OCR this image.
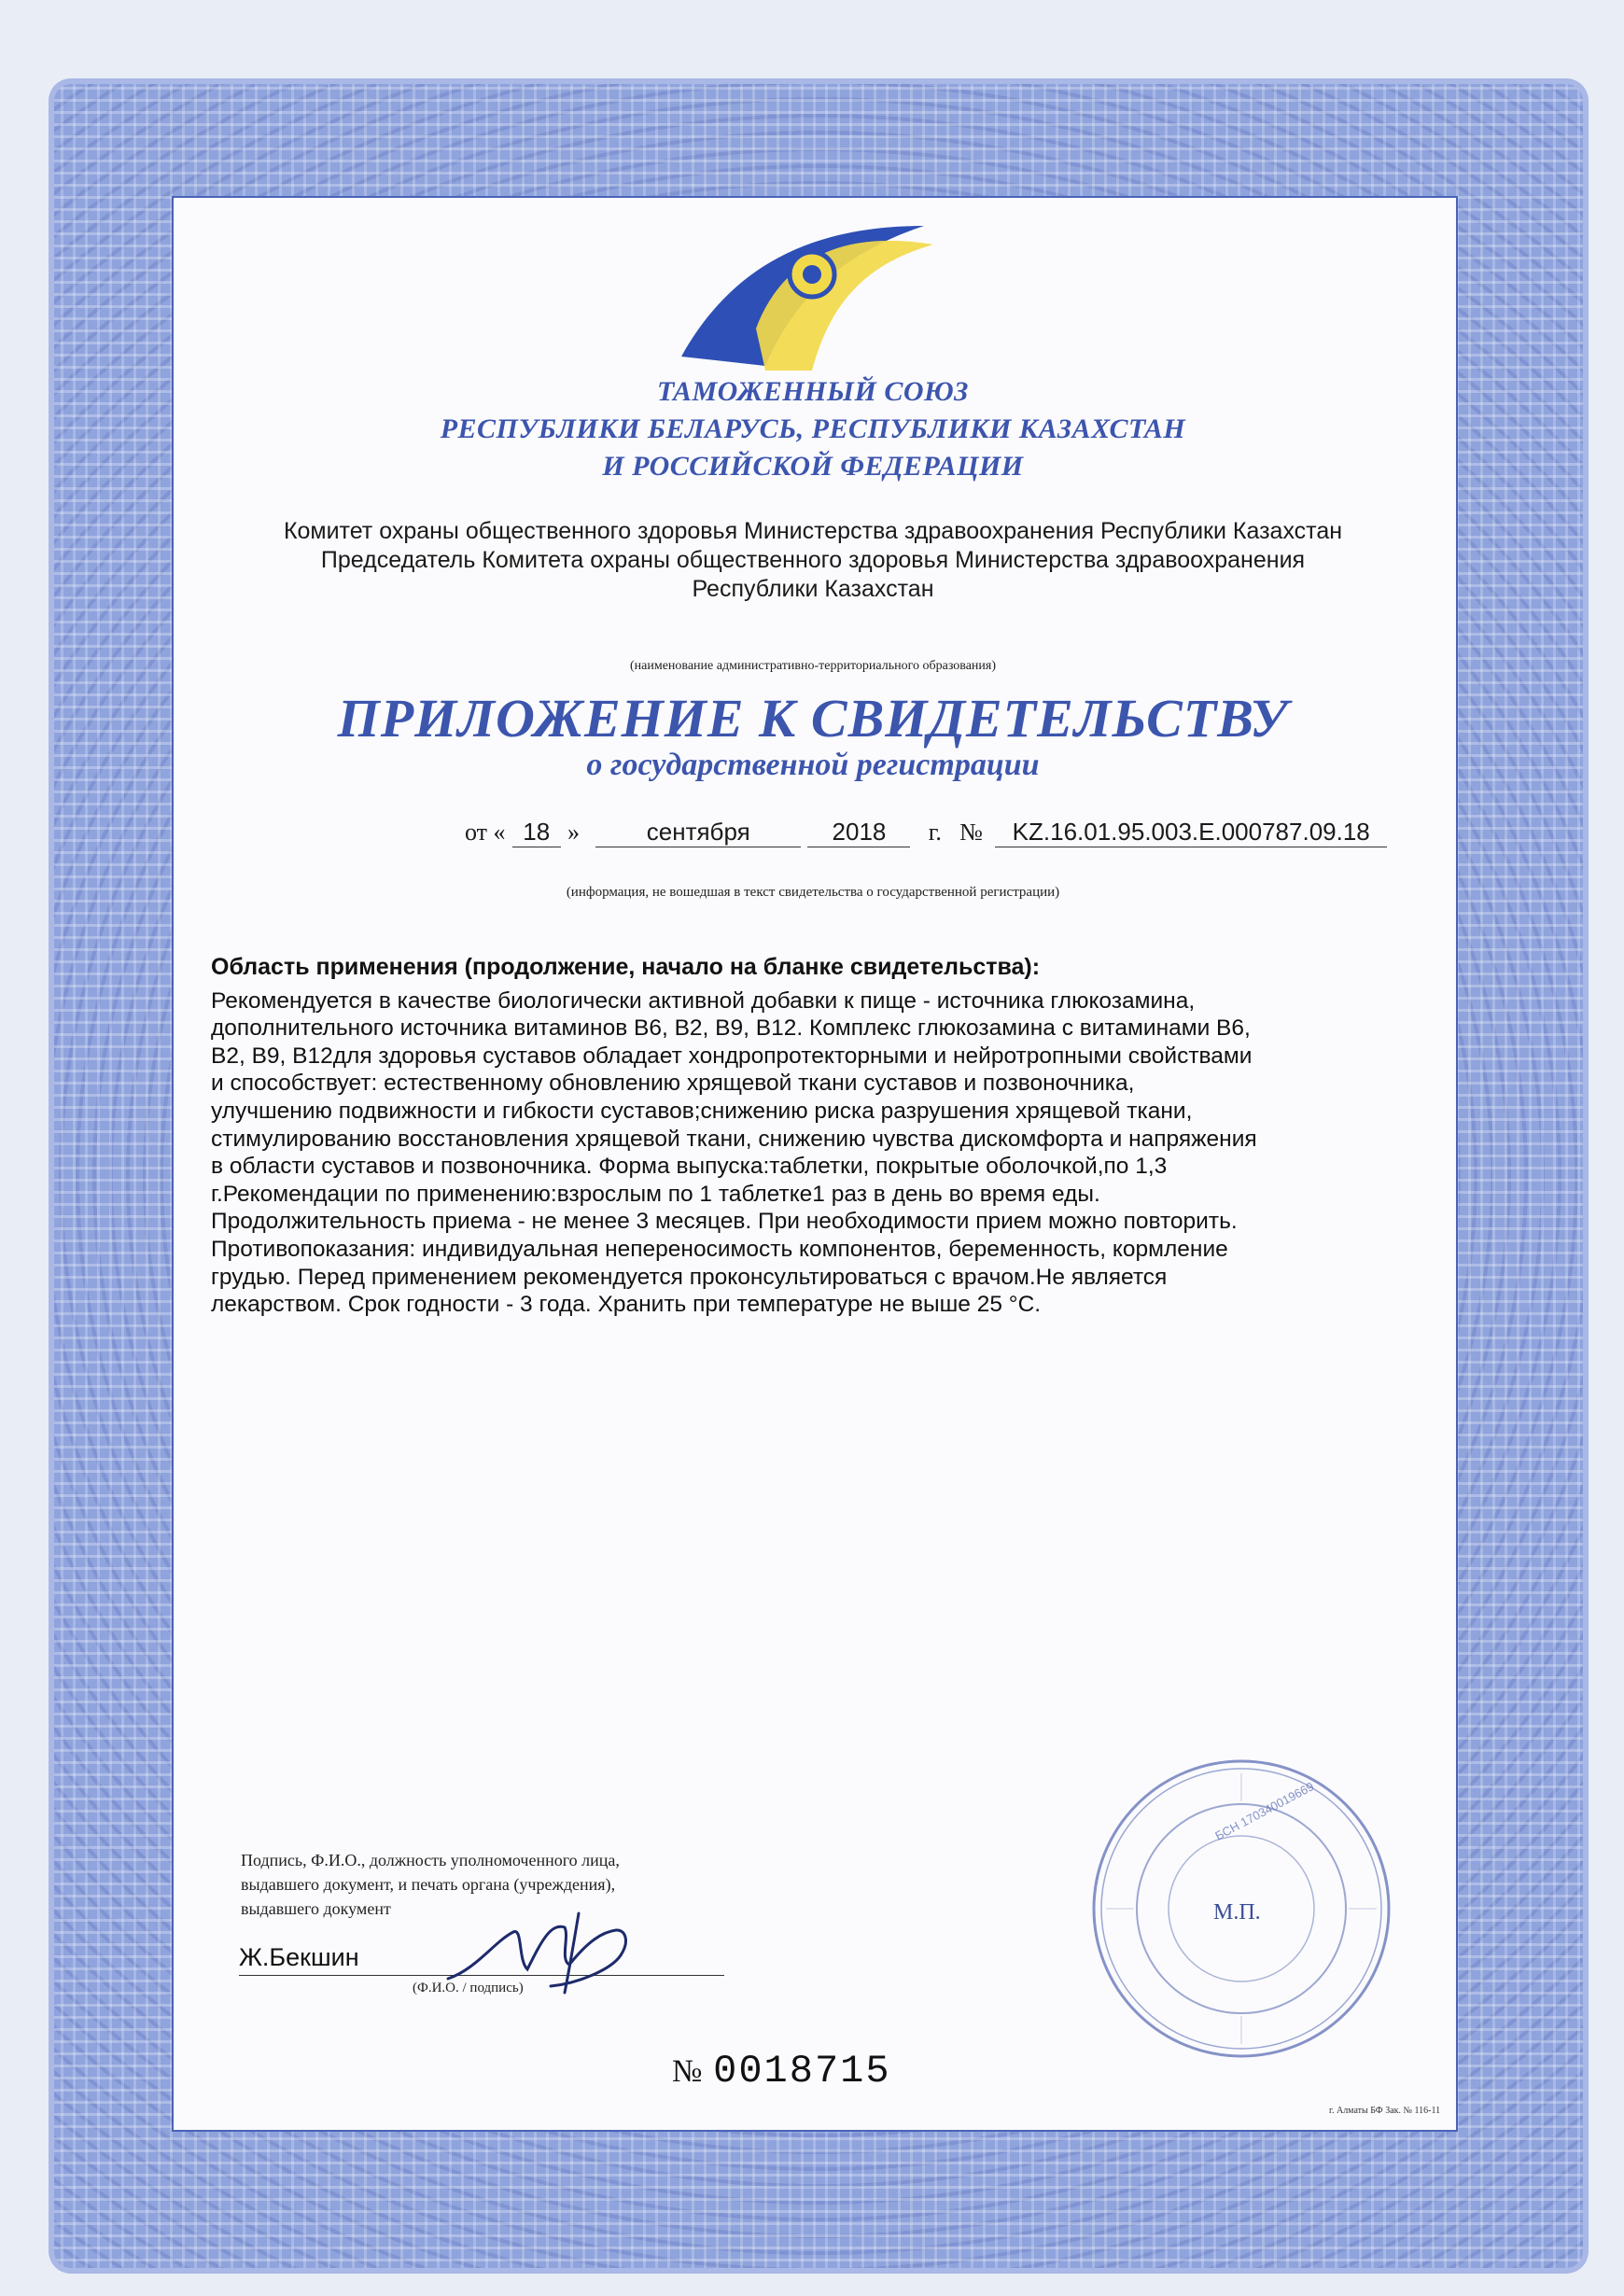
ТАМОЖЕННЫЙ СОЮЗ
РЕСПУБЛИКИ БЕЛАРУСЬ, РЕСПУБЛИКИ КАЗАХСТАН
И РОССИЙСКОЙ ФЕДЕРАЦИИ
Комитет охраны общественного здоровья Министерства здравоохранения Республики Казахстан
Председатель Комитета охраны общественного здоровья Министерства здравоохранения
Республики Казахстан
(наименование административно-территориального образования)
ПРИЛОЖЕНИЕ К СВИДЕТЕЛЬСТВУ
о государственной регистрации
от « 18 »	сентября	2018 г. № KZ.16.01.95.003.E.000787.09.18
(информация, не вошедшая в текст свидетельства о государственной регистрации)
Область применения (продолжение, начало на бланке свидетельства):
Рекомендуется в качестве биологически активной добавки к пище - источника глюкозамина,
дополнительного источника витаминов B6, B2, B9, B12. Комплекс глюкозамина с витаминами B6,
B2, B9, B12для здоровья суставов обладает хондропротекторными и нейротропными свойствами
и способствует: естественному обновлению хрящевой ткани суставов и позвоночника,
улучшению подвижности и гибкости суставов;снижению риска разрушения хрящевой ткани,
стимулированию восстановления хрящевой ткани, снижению чувства дискомфорта и напряжения
в области суставов и позвоночника. Форма выпуска:таблетки, покрытые оболочкой,по 1,3
г.Рекомендации по применению:взрослым по 1 таблетке1 раз в день во время еды.
Продолжительность приема - не менее 3 месяцев. При необходимости прием можно повторить.
Противопоказания: индивидуальная непереносимость компонентов, беременность, кормление
грудью. Перед применением рекомендуется проконсультироваться с врачом.Не является
лекарством. Срок годности - 3 года. Хранить при температуре не выше 25 °С.
Подпись, Ф.И.О., должность уполномоченного лица,
выдавшего документ, и печать органа (учреждения),
выдавшего документ
Ж.Бекшин
(Ф.И.О. / подпись)
БСН 170340019669
М.П.
№ 0018715
г. Алматы БФ Зак. № 116-11
